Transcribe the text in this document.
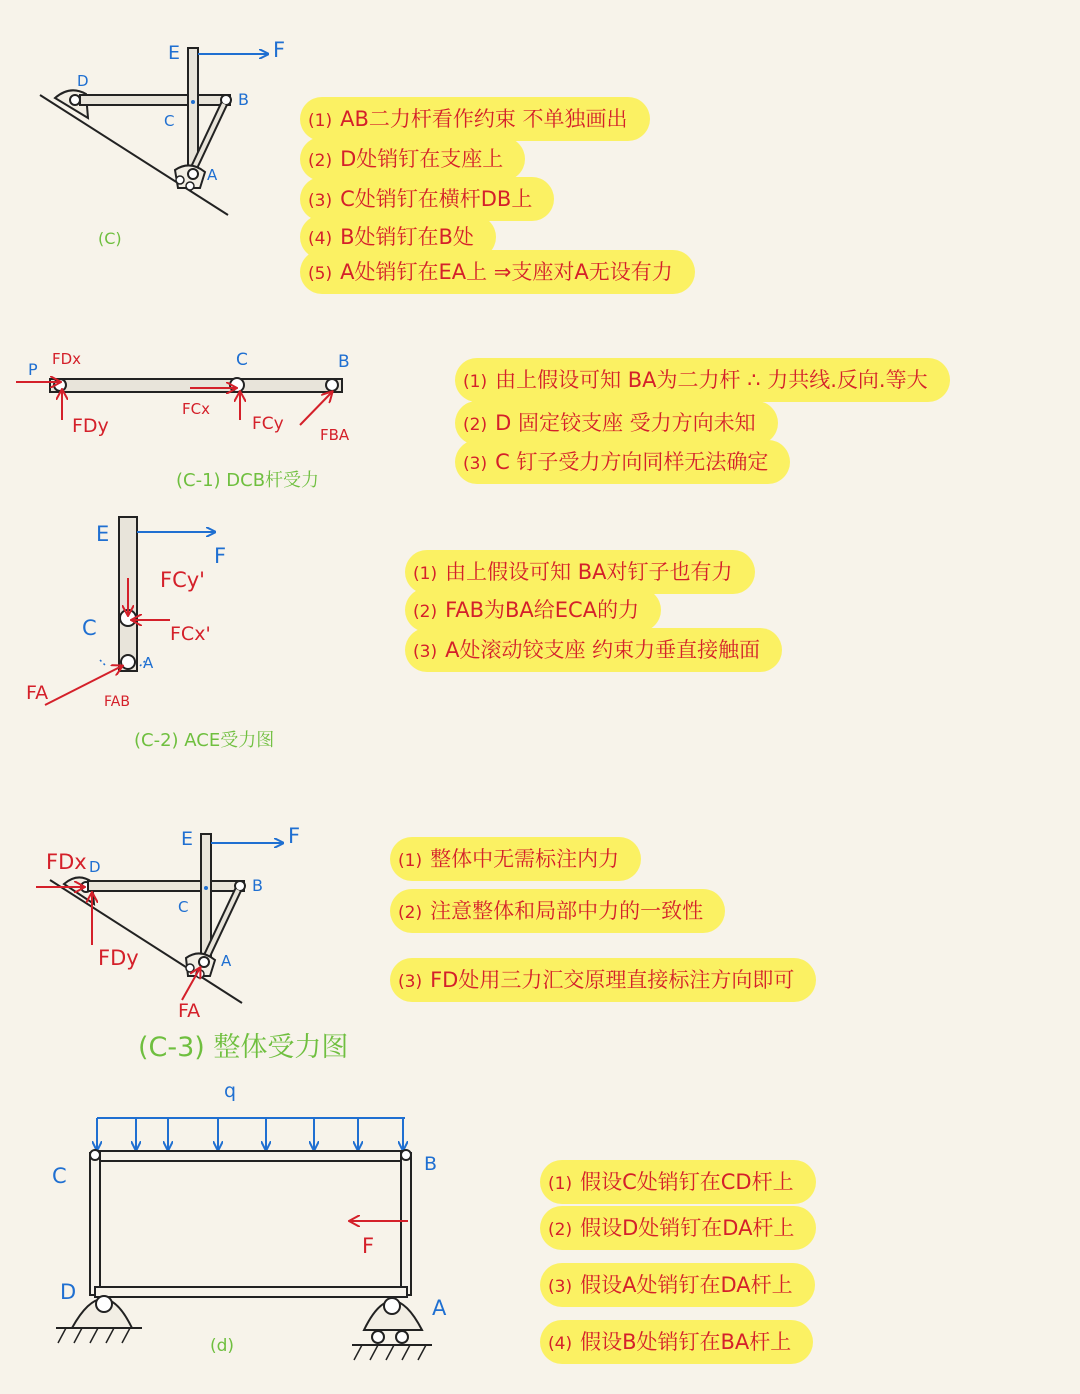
E	F
D
B
C
A
(C)
(1) AB二力杆看作约束 不单独画出
(2) D处销钉在支座上
(3) C处销钉在横杆DB上
(4) B处销钉在B处
(5) A处销钉在EA上 ⇒支座对A无设有力
P
FDx	C	B
FDy
FCx
FCy
FBA
(C-1) DCB杆受力
(1) 由上假设可知 BA为二力杆 ∴ 力共线.反向.等大
(2) D 固定铰支座 受力方向未知
(3) C 钉子受力方向同样无法确定
E
F
FCy'
C	FCx'
A
FA	FAB
(C-2) ACE受力图
(1) 由上假设可知 BA对钉子也有力
(2) FAB为BA给ECA的力
(3) A处滚动铰支座 约束力垂直接触面
E	F
FDx D
B
C
A
FDy
FA
(C-3) 整体受力图
(1) 整体中无需标注内力
(2) 注意整体和局部中力的一致性
(3) FD处用三力汇交原理直接标注方向即可
q
C	B
F
D
A
(d)
(1) 假设C处销钉在CD杆上
(2) 假设D处销钉在DA杆上
(3) 假设A处销钉在DA杆上
(4) 假设B处销钉在BA杆上
